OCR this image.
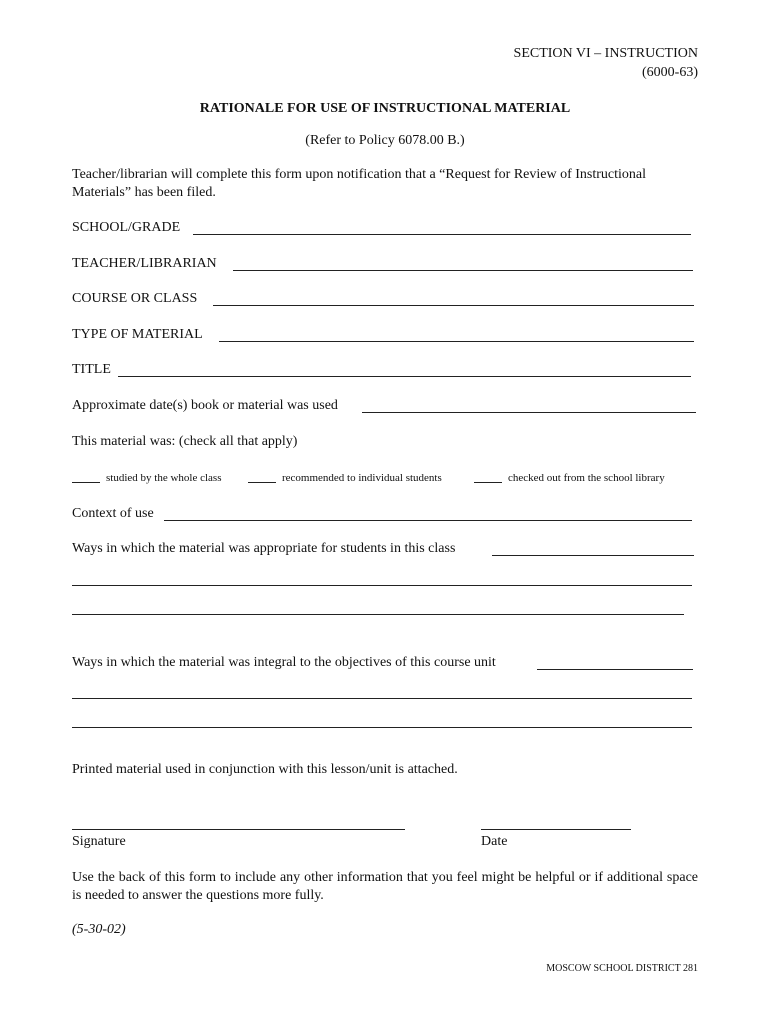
SECTION VI – INSTRUCTION
(6000-63)
RATIONALE FOR USE OF INSTRUCTIONAL MATERIAL
(Refer to Policy 6078.00 B.)
Teacher/librarian will complete this form upon notification that a “Request for Review of Instructional Materials” has been filed.
SCHOOL/GRADE
TEACHER/LIBRARIAN
COURSE OR CLASS
TYPE OF MATERIAL
TITLE
Approximate date(s) book or material was used
This material was: (check all that apply)
studied by the whole class	recommended to individual students	checked out from the school library
Context of use
Ways in which the material was appropriate for students in this class
Ways in which the material was integral to the objectives of this course unit
Printed material used in conjunction with this lesson/unit is attached.
Signature	Date
Use the back of this form to include any other information that you feel might be helpful or if additional space is needed to answer the questions more fully.
(5-30-02)
MOSCOW SCHOOL DISTRICT 281
